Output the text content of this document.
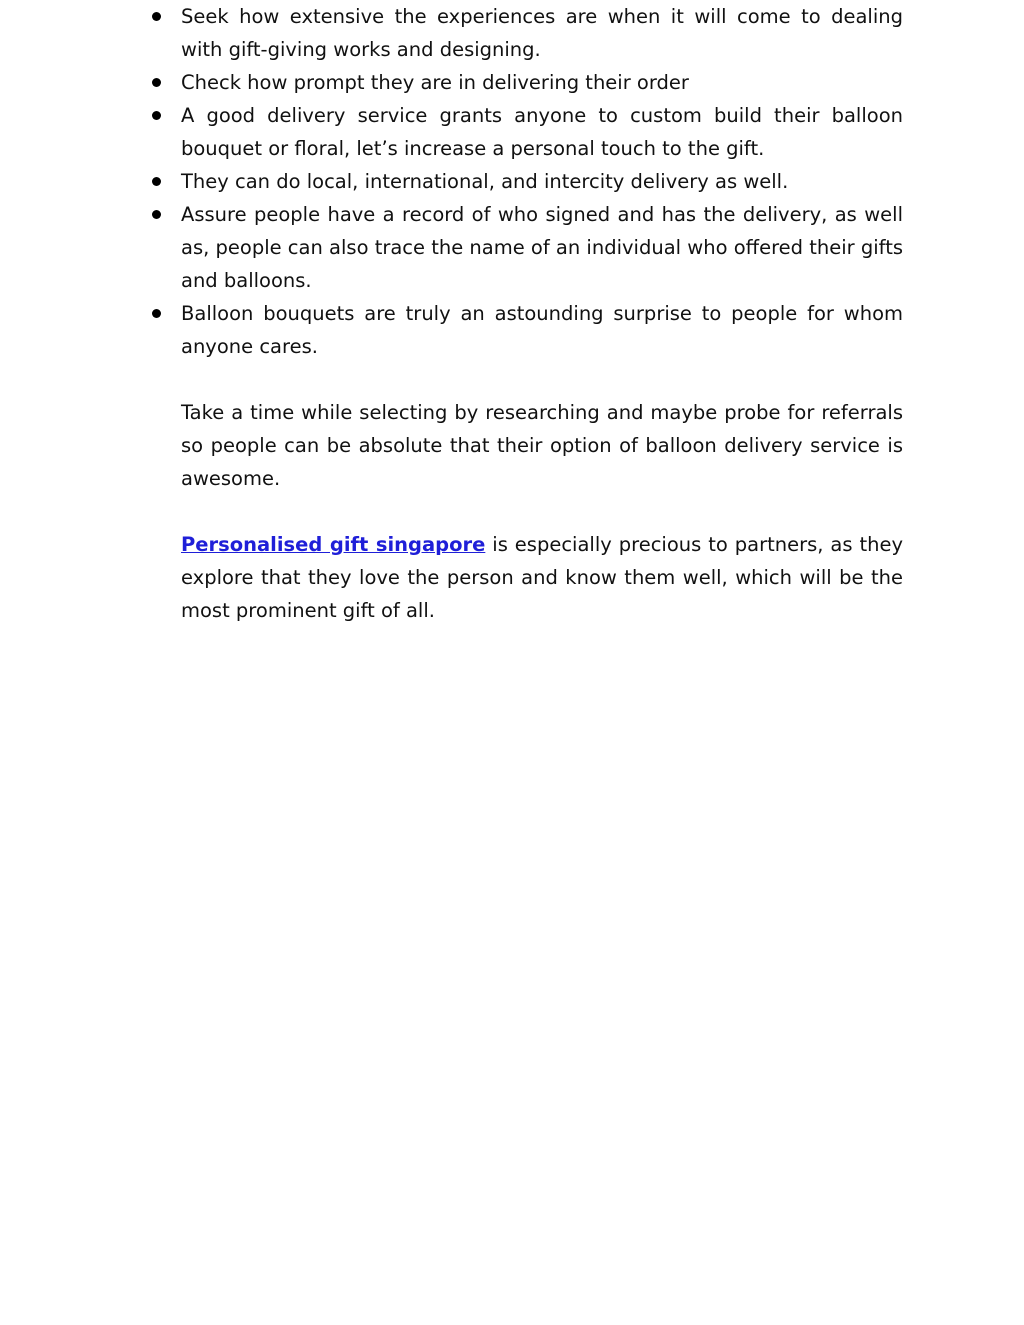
Seek how extensive the experiences are when it will come to dealing with gift-giving works and designing.
Check how prompt they are in delivering their order
A good delivery service grants anyone to custom build their balloon bouquet or floral, let’s increase a personal touch to the gift.
They can do local, international, and intercity delivery as well.
Assure people have a record of who signed and has the delivery, as well as, people can also trace the name of an individual who offered their gifts and balloons.
Balloon bouquets are truly an astounding surprise to people for whom anyone cares.

Take a time while selecting by researching and maybe probe for referrals so people can be absolute that their option of balloon delivery service is awesome.

Personalised gift singapore is especially precious to partners, as they explore that they love the person and know them well, which will be the most prominent gift of all.
